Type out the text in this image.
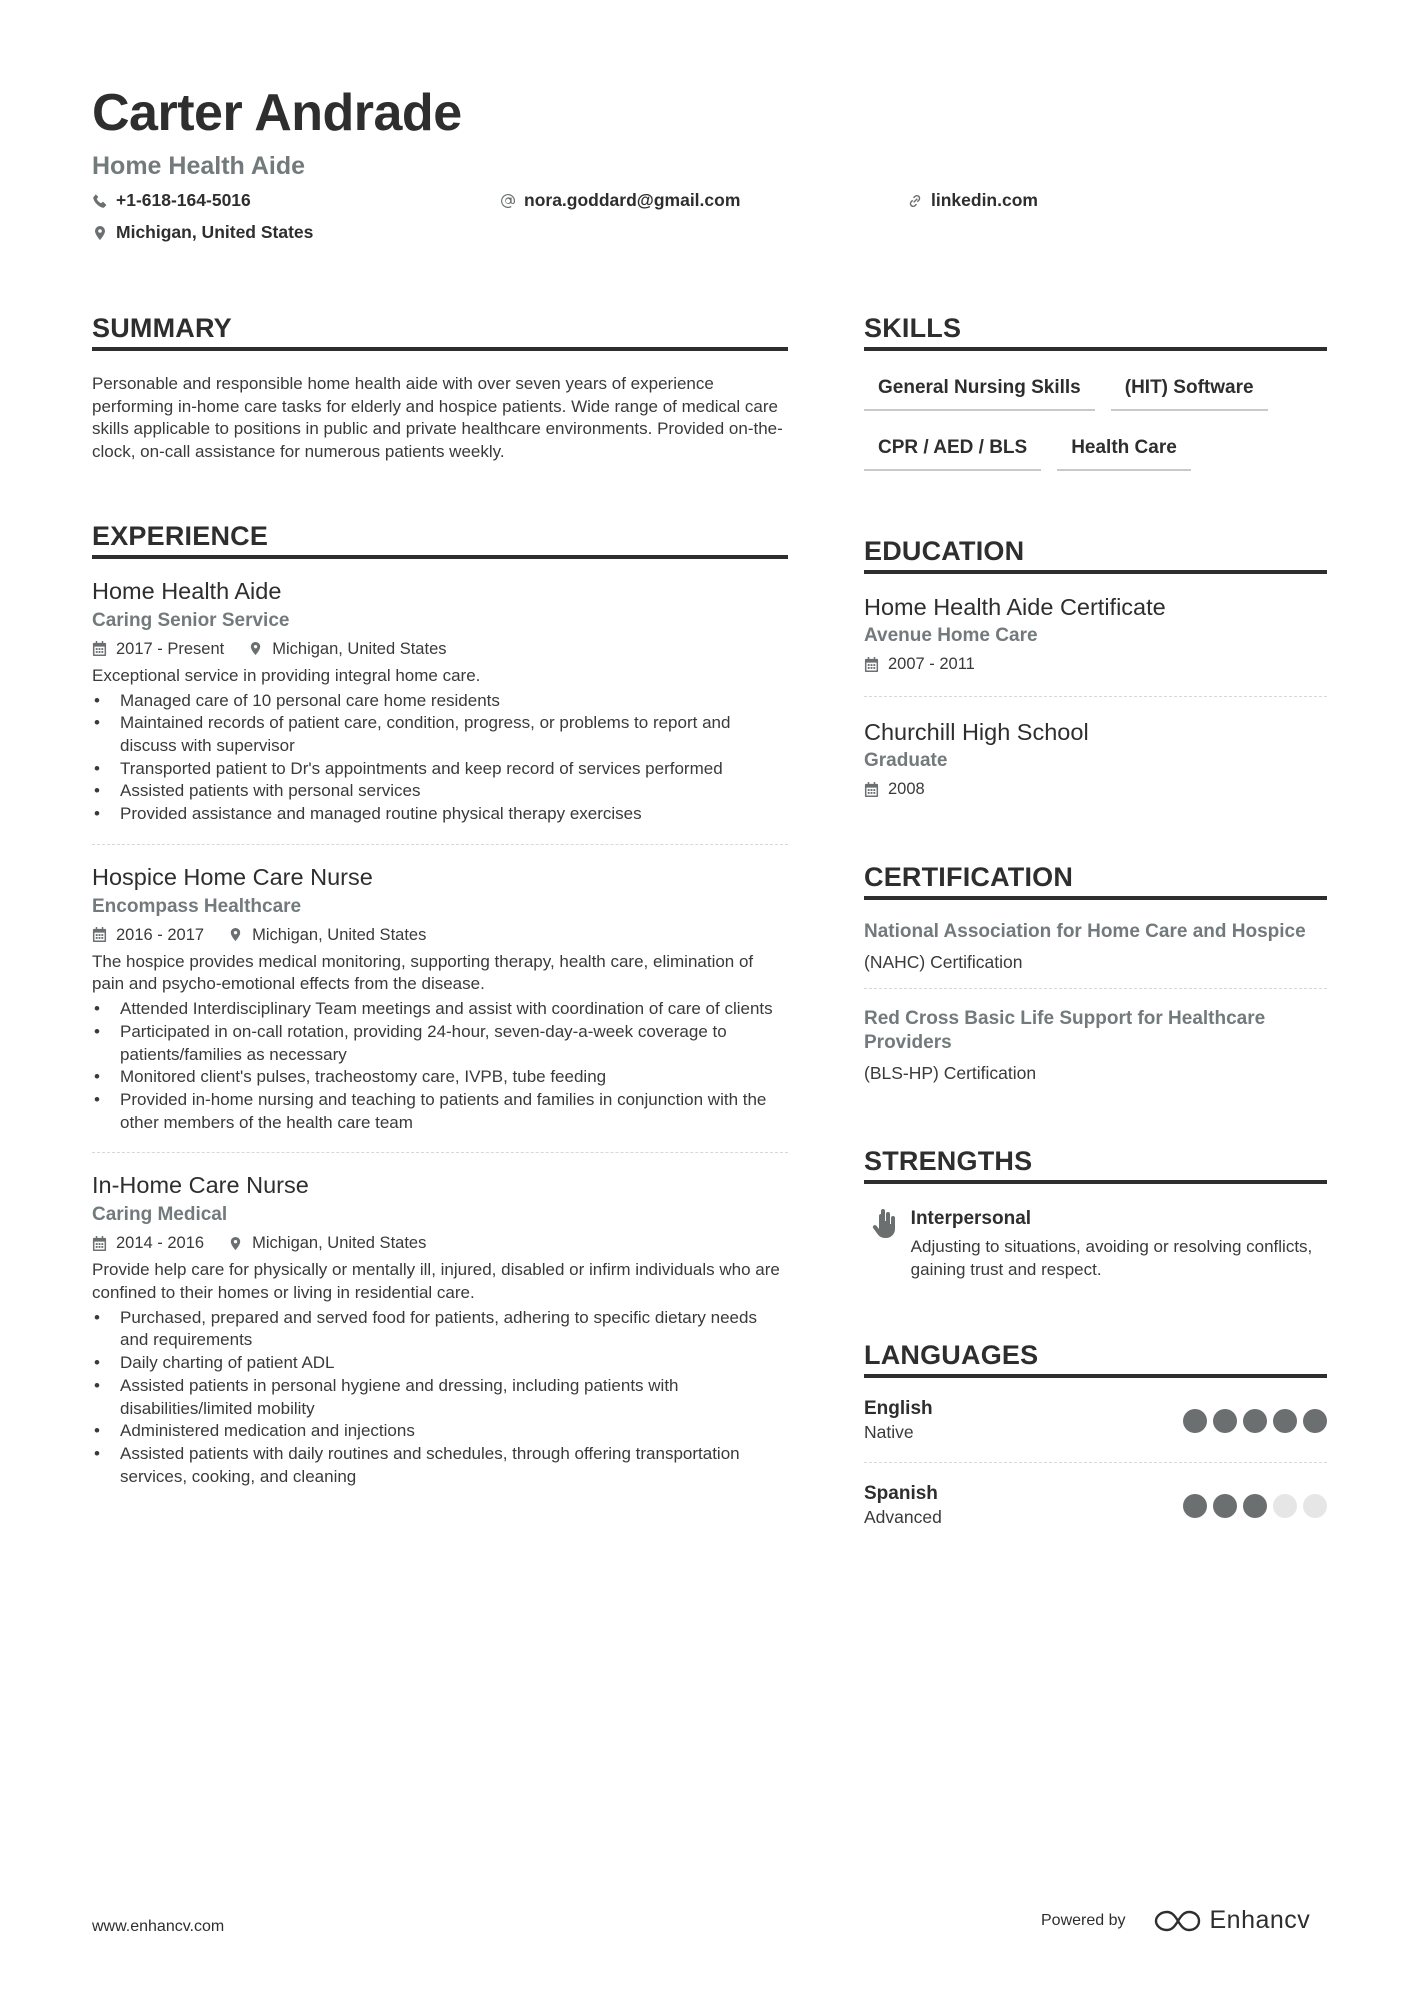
Carter Andrade
Home Health Aide
+1-618-164-5016	nora.goddard@gmail.com	linkedin.com
Michigan, United States
SUMMARY
Personable and responsible home health aide with over seven years of experience performing in-home care tasks for elderly and hospice patients. Wide range of medical care skills applicable to positions in public and private healthcare environments. Provided on-the-clock, on-call assistance for numerous patients weekly.
EXPERIENCE
Home Health Aide
Caring Senior Service
2017 - Present	Michigan, United States
Exceptional service in providing integral home care.
• Managed care of 10 personal care home residents
• Maintained records of patient care, condition, progress, or problems to report and discuss with supervisor
• Transported patient to Dr's appointments and keep record of services performed
• Assisted patients with personal services
• Provided assistance and managed routine physical therapy exercises
Hospice Home Care Nurse
Encompass Healthcare
2016 - 2017	Michigan, United States
The hospice provides medical monitoring, supporting therapy, health care, elimination of pain and psycho-emotional effects from the disease.
• Attended Interdisciplinary Team meetings and assist with coordination of care of clients
• Participated in on-call rotation, providing 24-hour, seven-day-a-week coverage to patients/families as necessary
• Monitored client's pulses, tracheostomy care, IVPB, tube feeding
• Provided in-home nursing and teaching to patients and families in conjunction with the other members of the health care team
In-Home Care Nurse
Caring Medical
2014 - 2016	Michigan, United States
Provide help care for physically or mentally ill, injured, disabled or infirm individuals who are confined to their homes or living in residential care.
• Purchased, prepared and served food for patients, adhering to specific dietary needs and requirements
• Daily charting of patient ADL
• Assisted patients in personal hygiene and dressing, including patients with disabilities/limited mobility
• Administered medication and injections
• Assisted patients with daily routines and schedules, through offering transportation services, cooking, and cleaning
SKILLS
General Nursing Skills	(HIT) Software
CPR / AED / BLS	Health Care
EDUCATION
Home Health Aide Certificate
Avenue Home Care
2007 - 2011
Churchill High School
Graduate
2008
CERTIFICATION
National Association for Home Care and Hospice
(NAHC) Certification
Red Cross Basic Life Support for Healthcare Providers
(BLS-HP) Certification
STRENGTHS
Interpersonal
Adjusting to situations, avoiding or resolving conflicts, gaining trust and respect.
LANGUAGES
English
Native
Spanish
Advanced
www.enhancv.com	Powered by	Enhancv
